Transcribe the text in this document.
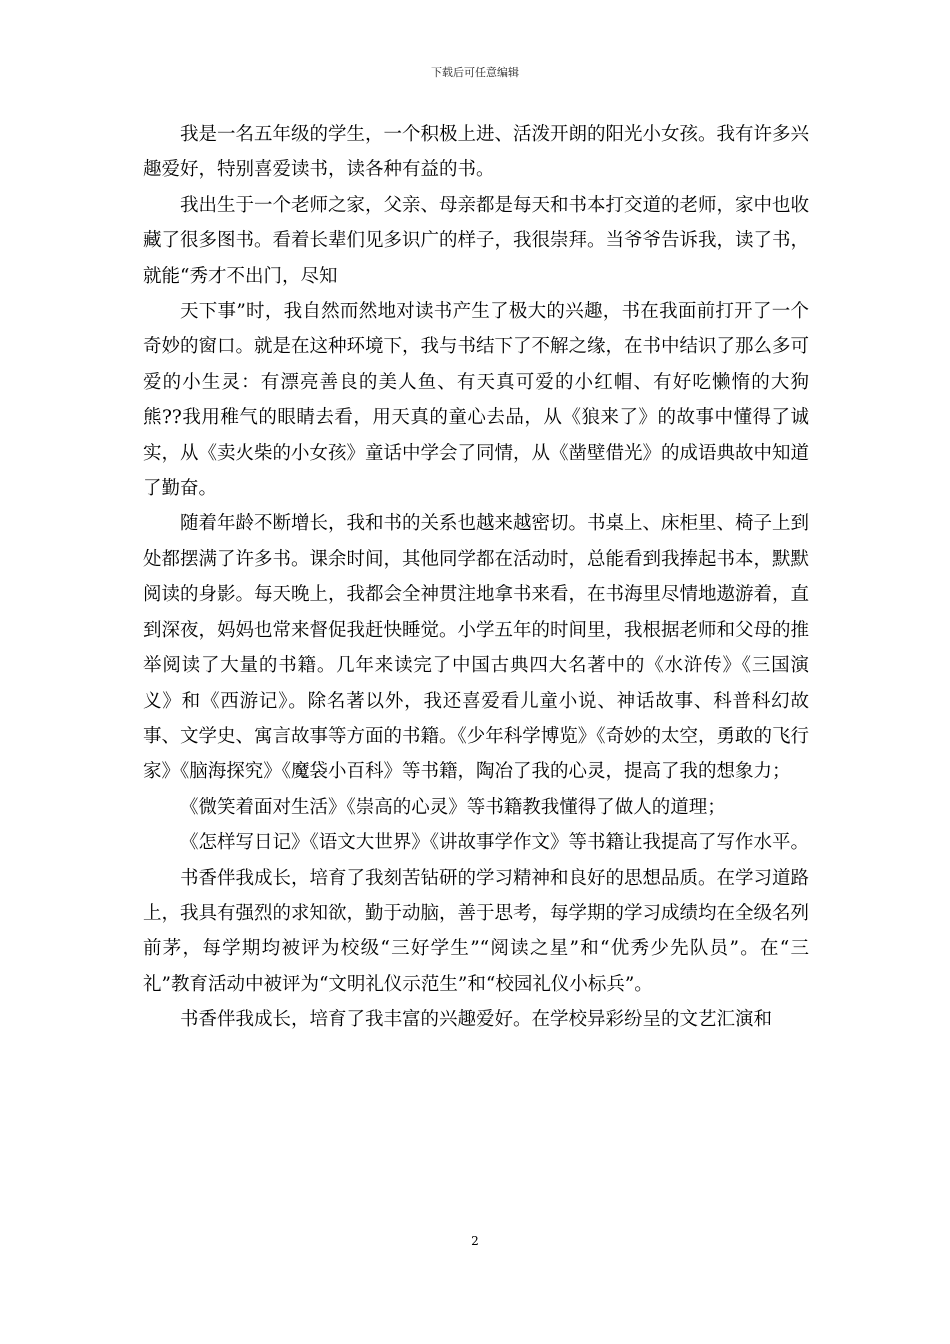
下载后可任意编辑

我是一名五年级的学生，一个积极上进、活泼开朗的阳光小女孩。我有许多兴趣爱好，特别喜爱读书，读各种有益的书。

我出生于一个老师之家，父亲、母亲都是每天和书本打交道的老师，家中也收藏了很多图书。看着长辈们见多识广的样子，我很崇拜。当爷爷告诉我，读了书，就能“秀才不出门，尽知

天下事”时，我自然而然地对读书产生了极大的兴趣，书在我面前打开了一个奇妙的窗口。就是在这种环境下，我与书结下了不解之缘，在书中结识了那么多可爱的小生灵：有漂亮善良的美人鱼、有天真可爱的小红帽、有好吃懒惰的大狗熊??我用稚气的眼睛去看，用天真的童心去品，从《狼来了》的故事中懂得了诚实，从《卖火柴的小女孩》童话中学会了同情，从《凿壁借光》的成语典故中知道了勤奋。

随着年龄不断增长，我和书的关系也越来越密切。书桌上、床柜里、椅子上到处都摆满了许多书。课余时间，其他同学都在活动时，总能看到我捧起书本，默默阅读的身影。每天晚上，我都会全神贯注地拿书来看，在书海里尽情地遨游着，直到深夜，妈妈也常来督促我赶快睡觉。小学五年的时间里，我根据老师和父母的推举阅读了大量的书籍。几年来读完了中国古典四大名著中的《水浒传》《三国演义》和《西游记》。除名著以外，我还喜爱看儿童小说、神话故事、科普科幻故事、文学史、寓言故事等方面的书籍。《少年科学博览》《奇妙的太空，勇敢的飞行家》《脑海探究》《魔袋小百科》等书籍，陶冶了我的心灵，提高了我的想象力；

《微笑着面对生活》《崇高的心灵》等书籍教我懂得了做人的道理；

《怎样写日记》《语文大世界》《讲故事学作文》等书籍让我提高了写作水平。

书香伴我成长，培育了我刻苦钻研的学习精神和良好的思想品质。在学习道路上，我具有强烈的求知欲，勤于动脑，善于思考，每学期的学习成绩均在全级名列前茅，每学期均被评为校级“三好学生”“阅读之星”和“优秀少先队员”。在“三礼”教育活动中被评为“文明礼仪示范生”和“校园礼仪小标兵”。

书香伴我成长，培育了我丰富的兴趣爱好。在学校异彩纷呈的文艺汇演和

2
